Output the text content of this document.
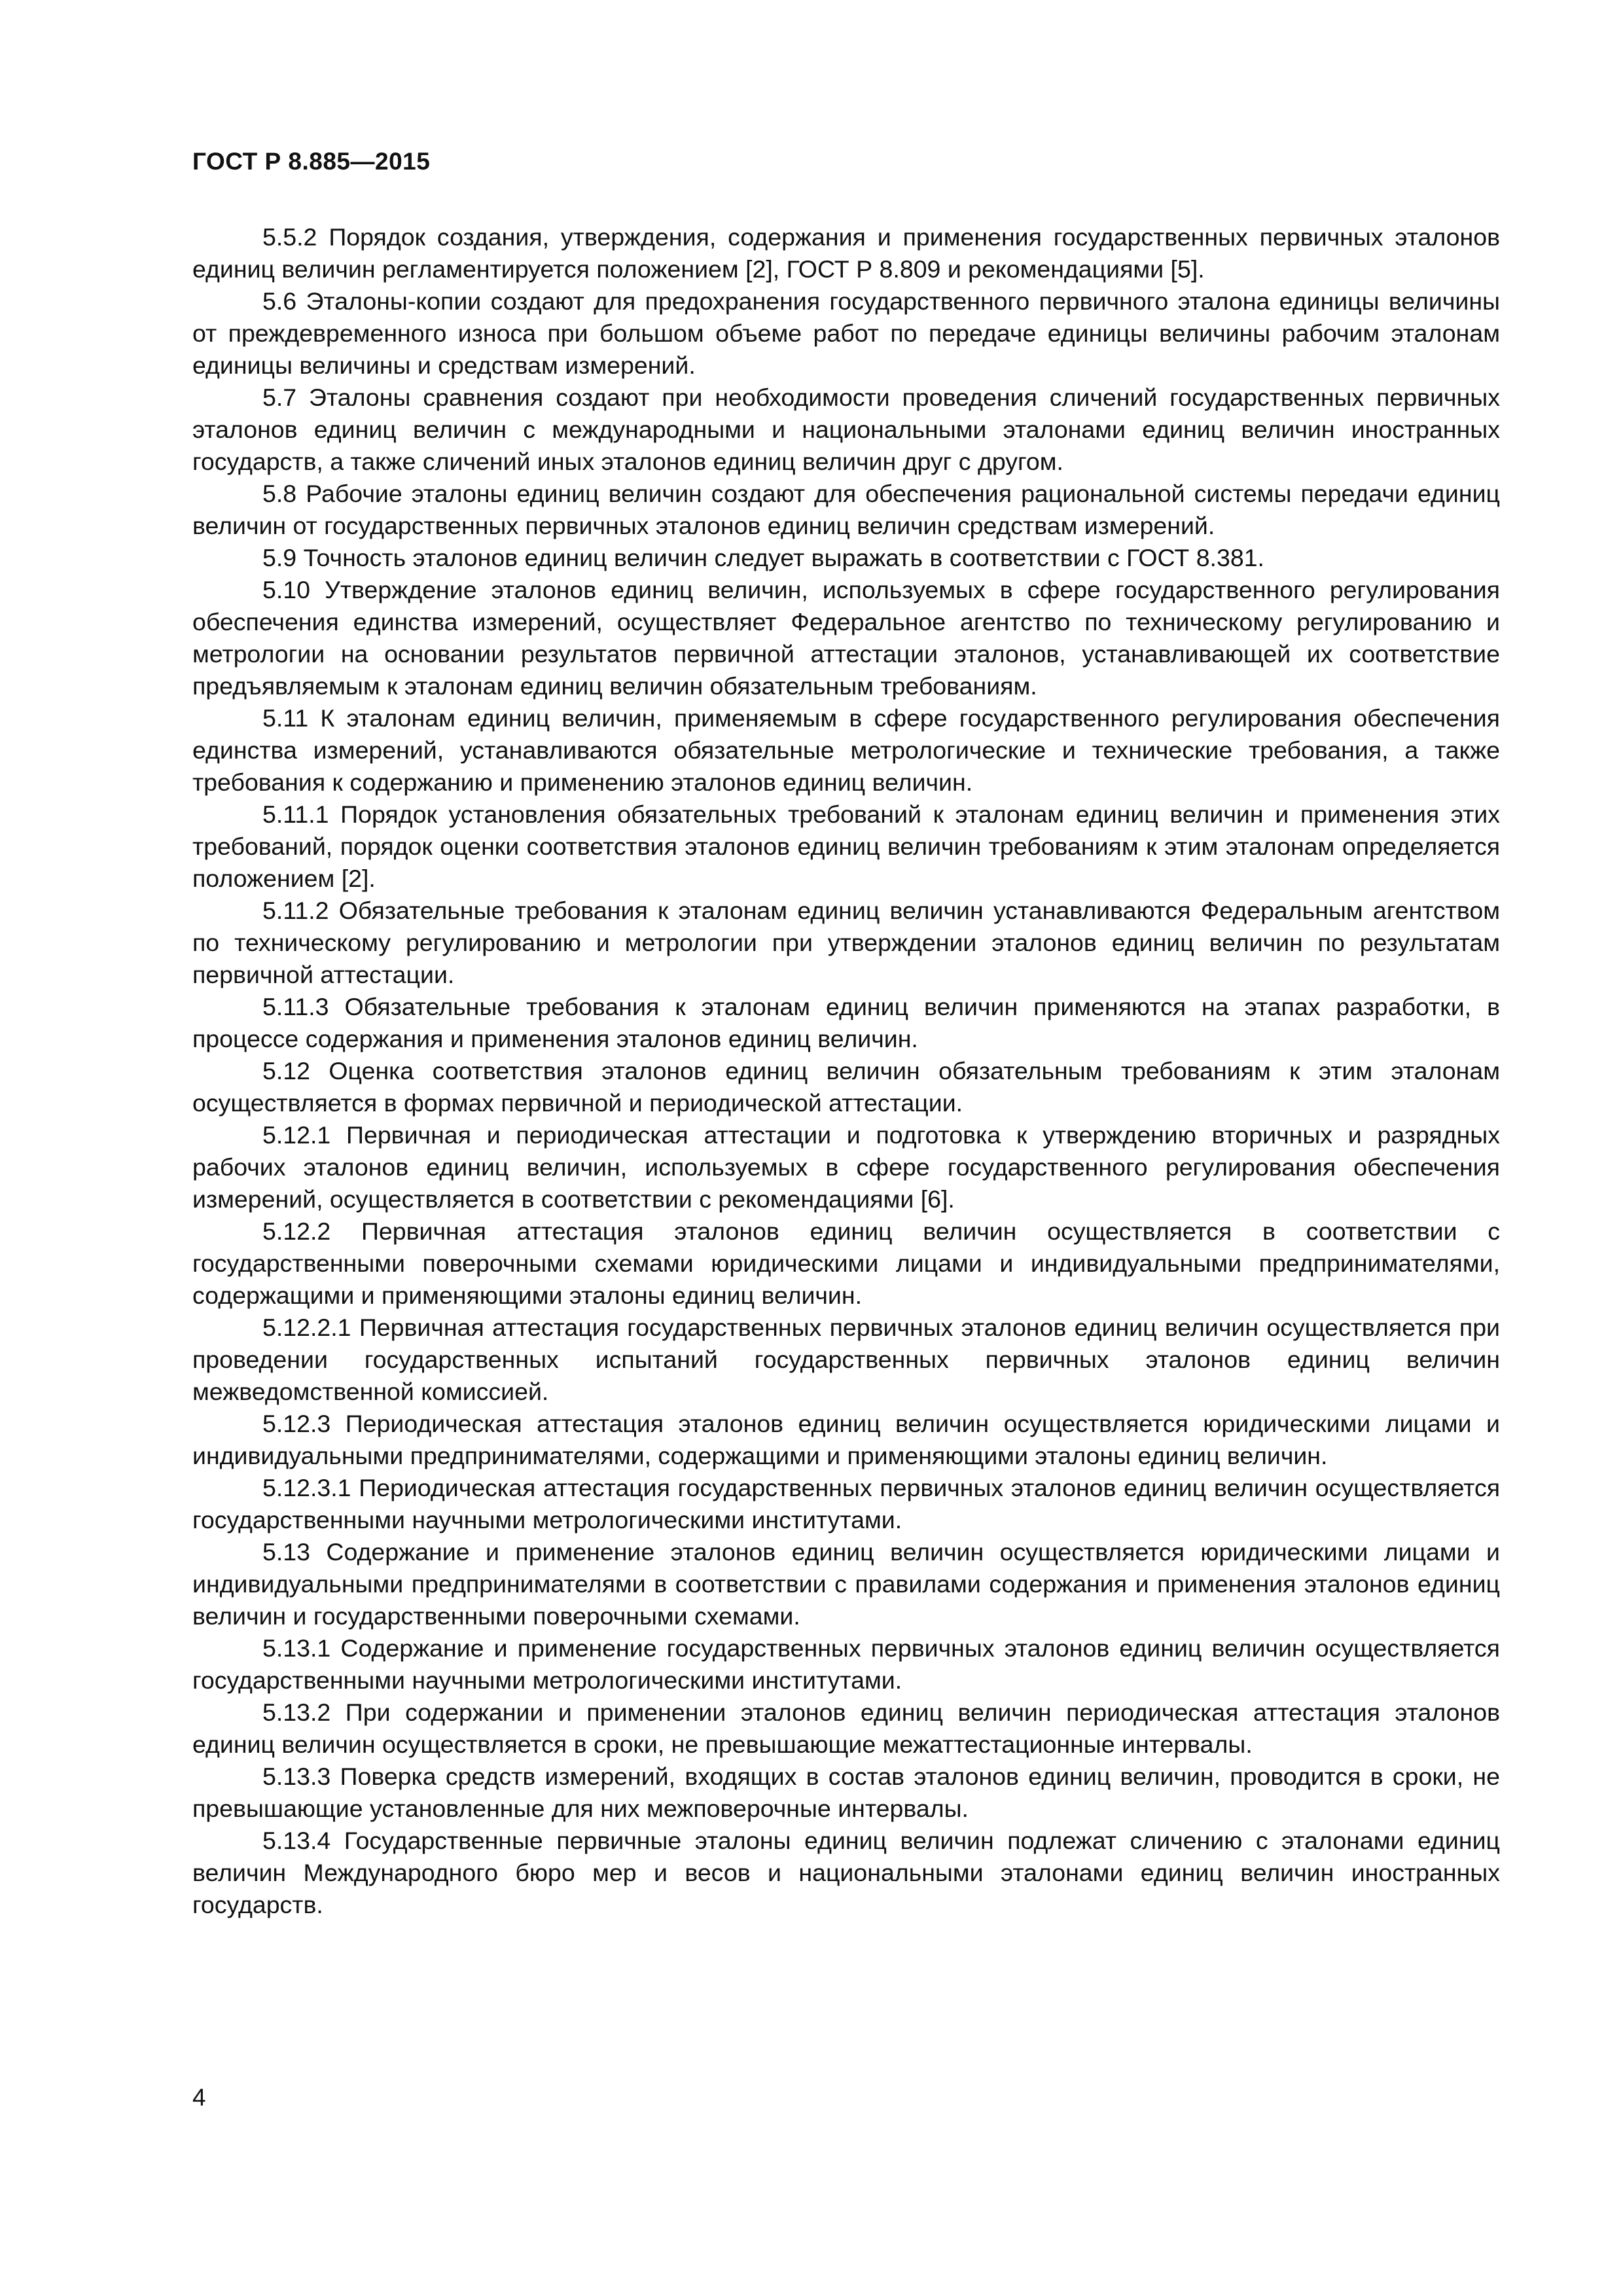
ГОСТ Р 8.885—2015

5.5.2 Порядок создания, утверждения, содержания и применения государственных первичных эталонов единиц величин регламентируется положением [2], ГОСТ Р 8.809 и рекомендациями [5].

5.6 Эталоны-копии создают для предохранения государственного первичного эталона единицы величины от преждевременного износа при большом объеме работ по передаче единицы величины рабочим эталонам единицы величины и средствам измерений.

5.7 Эталоны сравнения создают при необходимости проведения сличений государственных первичных эталонов единиц величин с международными и национальными эталонами единиц величин иностранных государств, а также сличений иных эталонов единиц величин друг с другом.

5.8 Рабочие эталоны единиц величин создают для обеспечения рациональной системы передачи единиц величин от государственных первичных эталонов единиц величин средствам измерений.

5.9 Точность эталонов единиц величин следует выражать в соответствии с ГОСТ 8.381.

5.10 Утверждение эталонов единиц величин, используемых в сфере государственного регулирования обеспечения единства измерений, осуществляет Федеральное агентство по техническому регулированию и метрологии на основании результатов первичной аттестации эталонов, устанавливающей их соответствие предъявляемым к эталонам единиц величин обязательным требованиям.

5.11 К эталонам единиц величин, применяемым в сфере государственного регулирования обеспечения единства измерений, устанавливаются обязательные метрологические и технические требования, а также требования к содержанию и применению эталонов единиц величин.

5.11.1 Порядок установления обязательных требований к эталонам единиц величин и применения этих требований, порядок оценки соответствия эталонов единиц величин требованиям к этим эталонам определяется положением [2].

5.11.2 Обязательные требования к эталонам единиц величин устанавливаются Федеральным агентством по техническому регулированию и метрологии при утверждении эталонов единиц величин по результатам первичной аттестации.

5.11.3 Обязательные требования к эталонам единиц величин применяются на этапах разработки, в процессе содержания и применения эталонов единиц величин.

5.12 Оценка соответствия эталонов единиц величин обязательным требованиям к этим эталонам осуществляется в формах первичной и периодической аттестации.

5.12.1 Первичная и периодическая аттестации и подготовка к утверждению вторичных и разрядных рабочих эталонов единиц величин, используемых в сфере государственного регулирования обеспечения измерений, осуществляется в соответствии с рекомендациями [6].

5.12.2 Первичная аттестация эталонов единиц величин осуществляется в соответствии с государственными поверочными схемами юридическими лицами и индивидуальными предпринимателями, содержащими и применяющими эталоны единиц величин.

5.12.2.1 Первичная аттестация государственных первичных эталонов единиц величин осуществляется при проведении государственных испытаний государственных первичных эталонов единиц величин межведомственной комиссией.

5.12.3 Периодическая аттестация эталонов единиц величин осуществляется юридическими лицами и индивидуальными предпринимателями, содержащими и применяющими эталоны единиц величин.

5.12.3.1 Периодическая аттестация государственных первичных эталонов единиц величин осуществляется государственными научными метрологическими институтами.

5.13 Содержание и применение эталонов единиц величин осуществляется юридическими лицами и индивидуальными предпринимателями в соответствии с правилами содержания и применения эталонов единиц величин и государственными поверочными схемами.

5.13.1 Содержание и применение государственных первичных эталонов единиц величин осуществляется государственными научными метрологическими институтами.

5.13.2 При содержании и применении эталонов единиц величин периодическая аттестация эталонов единиц величин осуществляется в сроки, не превышающие межаттестационные интервалы.

5.13.3 Поверка средств измерений, входящих в состав эталонов единиц величин, проводится в сроки, не превышающие установленные для них межповерочные интервалы.

5.13.4 Государственные первичные эталоны единиц величин подлежат сличению с эталонами единиц величин Международного бюро мер и весов и национальными эталонами единиц величин иностранных государств.

4
